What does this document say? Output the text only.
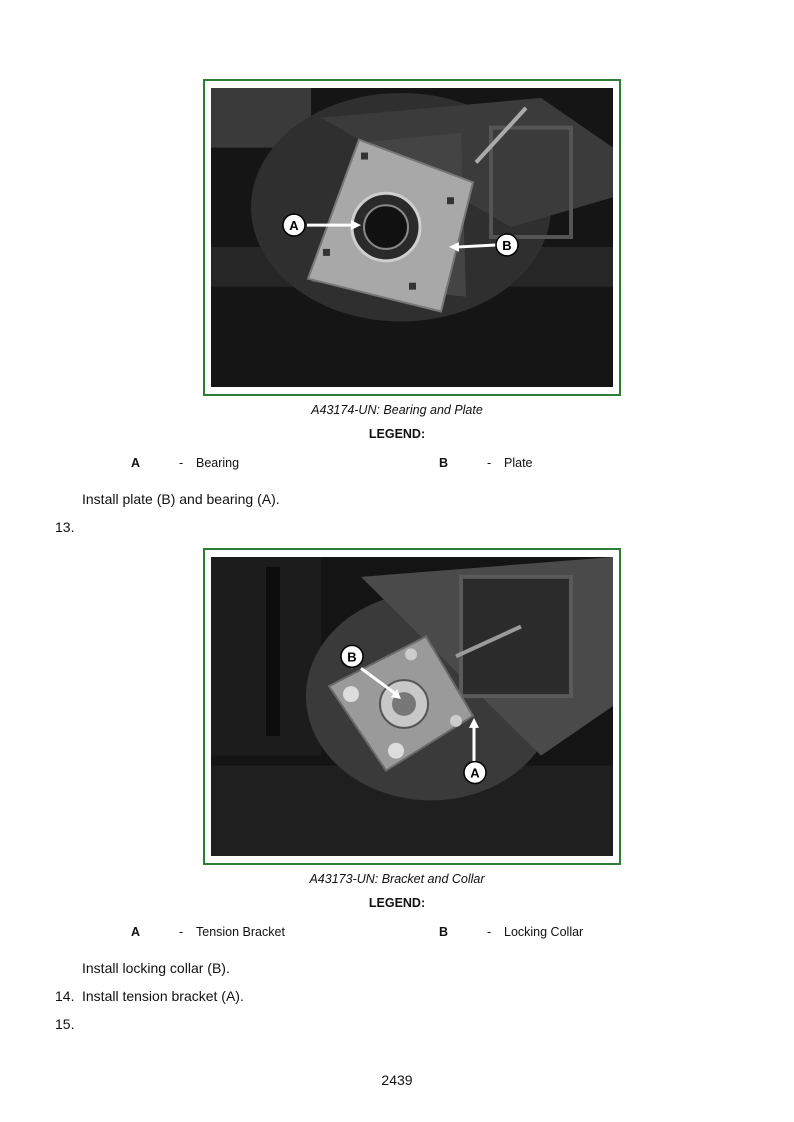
A
B
A43174-UN: Bearing and Plate
LEGEND:
A	- Bearing	B	- Plate
Install plate (B) and bearing (A).
13.
B
A
A43173-UN: Bracket and Collar
LEGEND:
A	- Tension Bracket	B	- Locking Collar
Install locking collar (B).
14. Install tension bracket (A).
15.
2439
